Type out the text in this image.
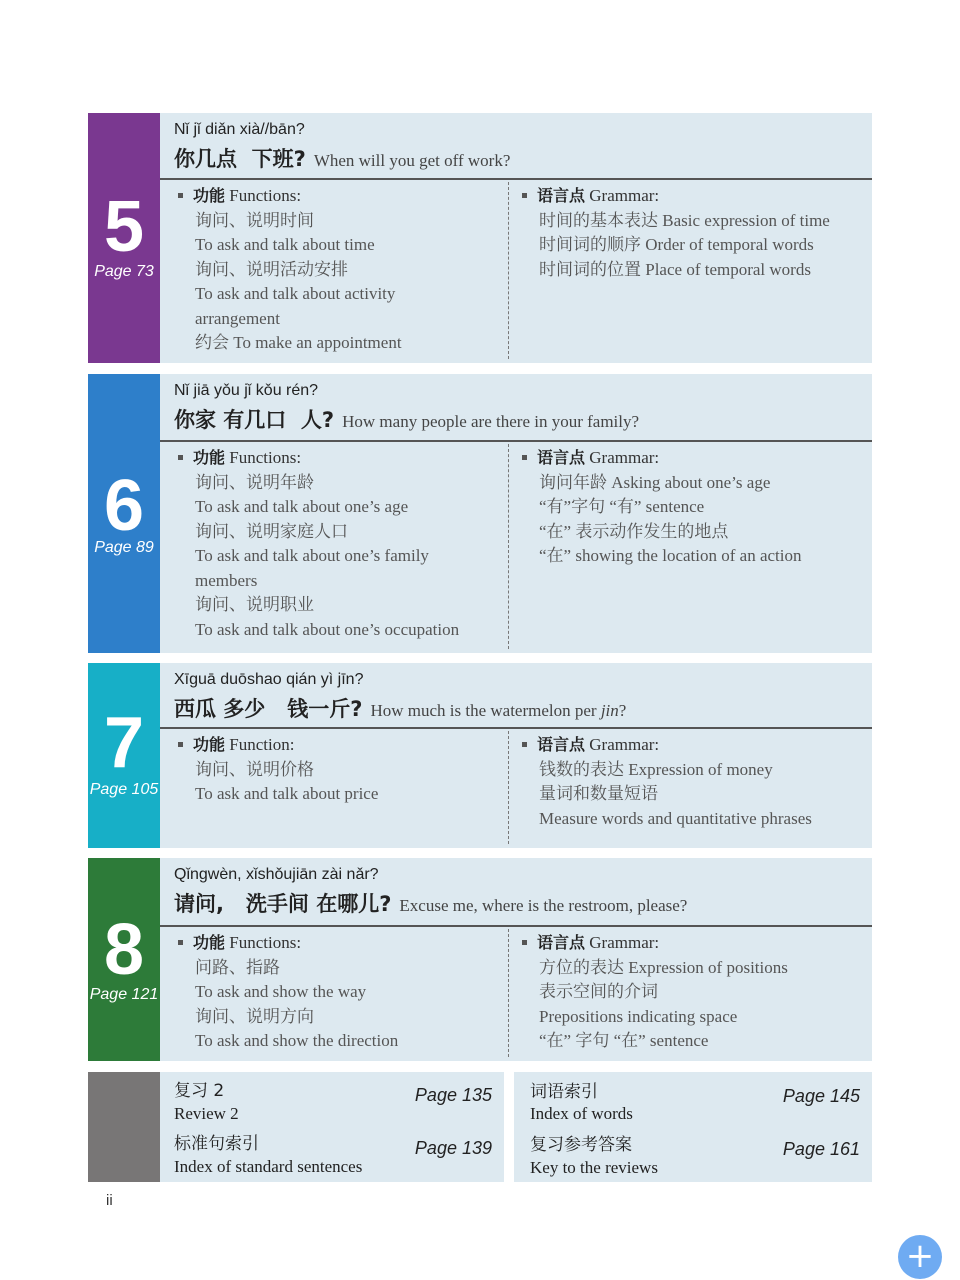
5
Page 73
Nǐ jǐ diǎn xià//bān?
你几点  下班? When will you get off work?
功能 Functions:
询问、说明时间
To ask and talk about time
询问、说明活动安排
To ask and talk about activity
arrangement
约会 To make an appointment
语言点 Grammar:
时间的基本表达 Basic expression of time
时间词的顺序 Order of temporal words
时间词的位置 Place of temporal words
6
Page 89
Nǐ jiā yǒu jǐ kǒu rén?
你家 有几口  人? How many people are there in your family?
功能 Functions:
询问、说明年龄
To ask and talk about one’s age
询问、说明家庭人口
To ask and talk about one’s family
members
询问、说明职业
To ask and talk about one’s occupation
语言点 Grammar:
询问年龄 Asking about one’s age
“有”字句 “有” sentence
“在” 表示动作发生的地点
“在” showing the location of an action
7
Page 105
Xīguā duōshao qián yì jīn?
西瓜 多少   钱一斤? How much is the watermelon per jin?
功能 Function:
询问、说明价格
To ask and talk about price
语言点 Grammar:
钱数的表达 Expression of money
量词和数量短语
Measure words and quantitative phrases
8
Page 121
Qǐngwèn, xǐshǒujiān zài nǎr?
请问,   洗手间 在哪儿? Excuse me, where is the restroom, please?
功能 Functions:
问路、指路
To ask and show the way
询问、说明方向
To ask and show the direction
语言点 Grammar:
方位的表达 Expression of positions
表示空间的介词
Prepositions indicating space
“在” 字句 “在” sentence
复习 2
Review 2
Page 135
标准句索引
Index of standard sentences
Page 139
词语索引
Index of words
Page 145
复习参考答案
Key to the reviews
Page 161
ii
+
